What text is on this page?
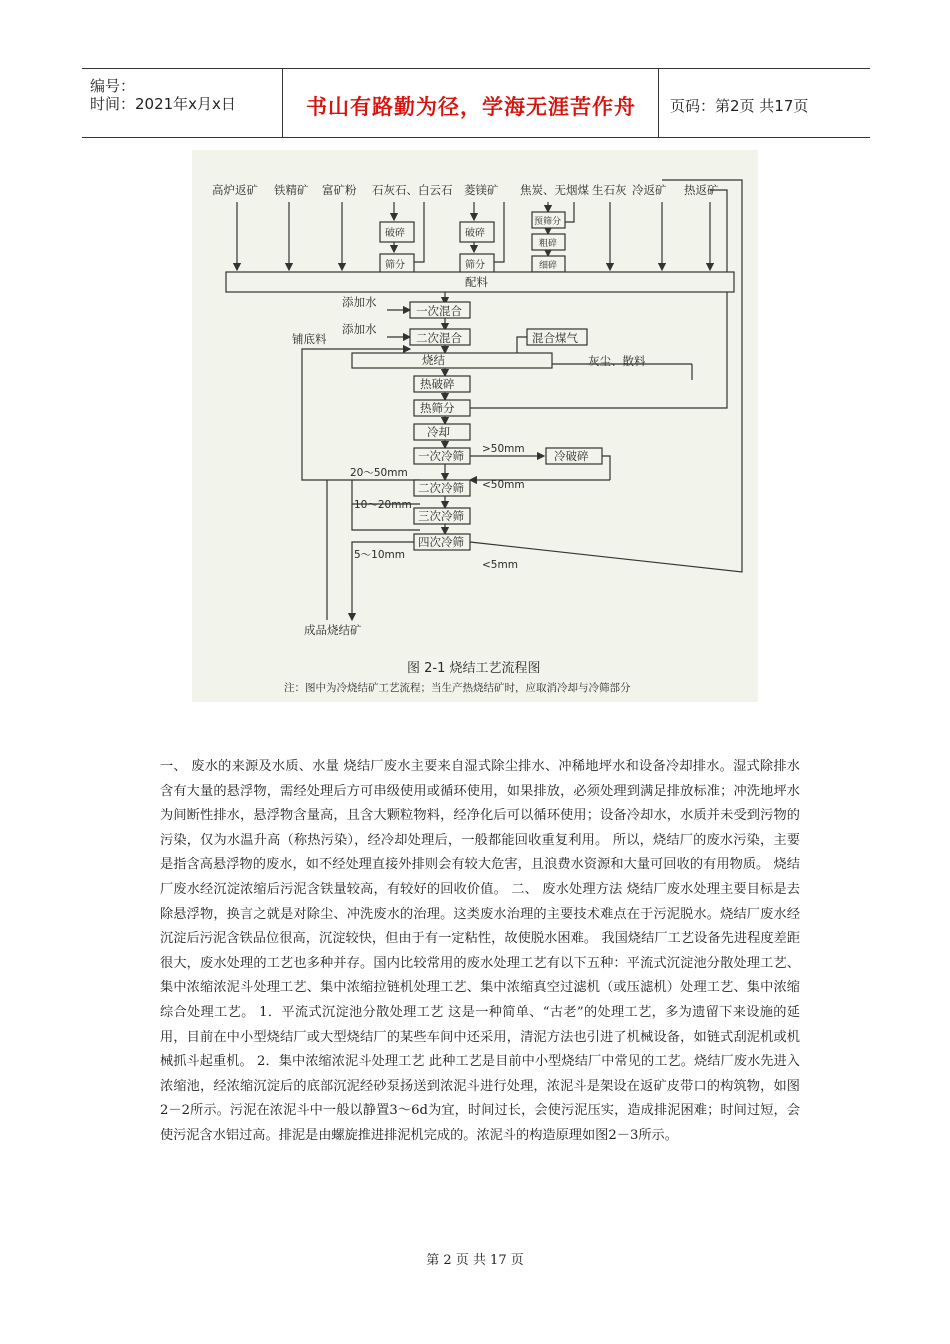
编号：
时间：2021年x月x日	书山有路勤为径，学海无涯苦作舟	页码：第2页 共17页
高炉返矿 铁精矿 富矿粉 石灰石、白云石 菱镁矿 焦炭、无烟煤 生石灰 冷返矿 热返矿
破碎
筛分
破碎
筛分
预筛分
粗碎
细碎
配料
添加水
一次混合
添加水
二次混合
铺底料	混合煤气
烧结	灰尘、散料
热破碎
热筛分
冷却
一次冷筛 >50mm	冷破碎
20～50mm
二次冷筛 <50mm
10～20mm
三次冷筛
5～10mm
四次冷筛
<5mm
成品烧结矿
图 2-1 烧结工艺流程图
注：图中为冷烧结矿工艺流程；当生产热烧结矿时，应取消冷却与冷筛部分
一、 废水的来源及水质、水量 烧结厂废水主要来自湿式除尘排水、冲稀地坪水和设备冷却排水。湿式除排水含有大量的悬浮物，需经处理后方可串级使用或循环使用，如果排放，必须处理到满足排放标准；冲洗地坪水为间断性排水，悬浮物含量高，且含大颗粒物料，经净化后可以循环使用；设备冷却水，水质并未受到污物的污染，仅为水温升高（称热污染），经冷却处理后，一般都能回收重复利用。 所以，烧结厂的废水污染，主要是指含高悬浮物的废水，如不经处理直接外排则会有较大危害，且浪费水资源和大量可回收的有用物质。 烧结厂废水经沉淀浓缩后污泥含铁量较高，有较好的回收价值。 二、 废水处理方法 烧结厂废水处理主要目标是去除悬浮物，换言之就是对除尘、冲洗废水的治理。这类废水治理的主要技术难点在于污泥脱水。烧结厂废水经沉淀后污泥含铁品位很高，沉淀较快，但由于有一定粘性，故使脱水困难。 我国烧结厂工艺设备先进程度差距很大，废水处理的工艺也多种并存。国内比较常用的废水处理工艺有以下五种：平流式沉淀池分散处理工艺、集中浓缩浓泥斗处理工艺、集中浓缩拉链机处理工艺、集中浓缩真空过滤机（或压滤机）处理工艺、集中浓缩综合处理工艺。 1．平流式沉淀池分散处理工艺 这是一种简单、“古老”的处理工艺，多为遗留下来设施的延用，目前在中小型烧结厂或大型烧结厂的某些车间中还采用，清泥方法也引进了机械设备，如链式刮泥机或机械抓斗起重机。 2．集中浓缩浓泥斗处理工艺 此种工艺是目前中小型烧结厂中常见的工艺。烧结厂废水先进入浓缩池，经浓缩沉淀后的底部沉泥经砂泵扬送到浓泥斗进行处理，浓泥斗是架设在返矿皮带口的构筑物，如图2－2所示。污泥在浓泥斗中一般以静置3～6d为宜，时间过长，会使污泥压实，造成排泥困难；时间过短，会使污泥含水铝过高。排泥是由螺旋推进排泥机完成的。浓泥斗的构造原理如图2－3所示。
第 2 页 共 17 页
